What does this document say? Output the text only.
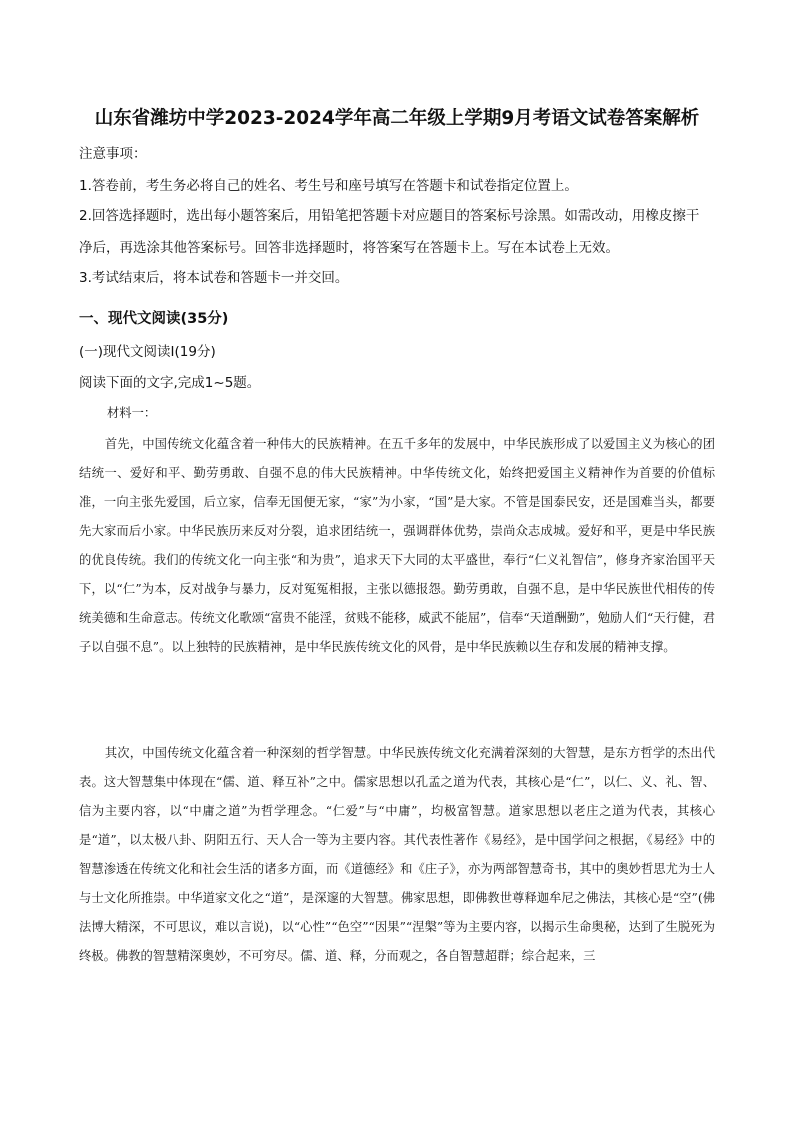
山东省潍坊中学2023-2024学年高二年级上学期9月考语文试卷答案解析
注意事项：
1.答卷前，考生务必将自己的姓名、考生号和座号填写在答题卡和试卷指定位置上。
2.回答选择题时，选出每小题答案后，用铅笔把答题卡对应题目的答案标号涂黑。如需改动，用橡皮擦干
净后，再选涂其他答案标号。回答非选择题时，将答案写在答题卡上。写在本试卷上无效。
3.考试结束后，将本试卷和答题卡一并交回。
一、现代文阅读(35分)
(一)现代文阅读Ⅰ(19分)
阅读下面的文字,完成1~5题。
材料一：

首先，中国传统文化蕴含着一种伟大的民族精神。在五千多年的发展中，中华民族形成了以爱国主义为核心的团结统一、爱好和平、勤劳勇敢、自强不息的伟大民族精神。中华传统文化，始终把爱国主义精神作为首要的价值标准，一向主张先爱国，后立家，信奉无国便无家，“家”为小家，“国”是大家。不管是国泰民安，还是国难当头，都要先大家而后小家。中华民族历来反对分裂，追求团结统一，强调群体优势，崇尚众志成城。爱好和平，更是中华民族的优良传统。我们的传统文化一向主张“和为贵”，追求天下大同的太平盛世，奉行“仁义礼智信”，修身齐家治国平天下，以“仁”为本，反对战争与暴力，反对冤冤相报，主张以德报怨。勤劳勇敢，自强不息，是中华民族世代相传的传统美德和生命意志。传统文化歌颂“富贵不能淫，贫贱不能移，威武不能屈”，信奉“天道酬勤”，勉励人们“天行健，君子以自强不息”。以上独特的民族精神，是中华民族传统文化的风骨，是中华民族赖以生存和发展的精神支撑。

其次，中国传统文化蕴含着一种深刻的哲学智慧。中华民族传统文化充满着深刻的大智慧，是东方哲学的杰出代表。这大智慧集中体现在“儒、道、释互补”之中。儒家思想以孔孟之道为代表，其核心是“仁”，以仁、义、礼、智、信为主要内容，以“中庸之道”为哲学理念。“仁爱”与“中庸”，均极富智慧。道家思想以老庄之道为代表，其核心是“道”，以太极八卦、阴阳五行、天人合一等为主要内容。其代表性著作《易经》，是中国学问之根据，《易经》中的智慧渗透在传统文化和社会生活的诸多方面，而《道德经》和《庄子》，亦为两部智慧奇书，其中的奥妙哲思尤为士人与士文化所推崇。中华道家文化之“道”，是深邃的大智慧。佛家思想，即佛教世尊释迦牟尼之佛法，其核心是“空”(佛法博大精深，不可思议，难以言说)，以“心性”“色空”“因果”“涅槃”等为主要内容，以揭示生命奥秘，达到了生脱死为终极。佛教的智慧精深奥妙，不可穷尽。儒、道、释，分而观之，各自智慧超群；综合起来，三
